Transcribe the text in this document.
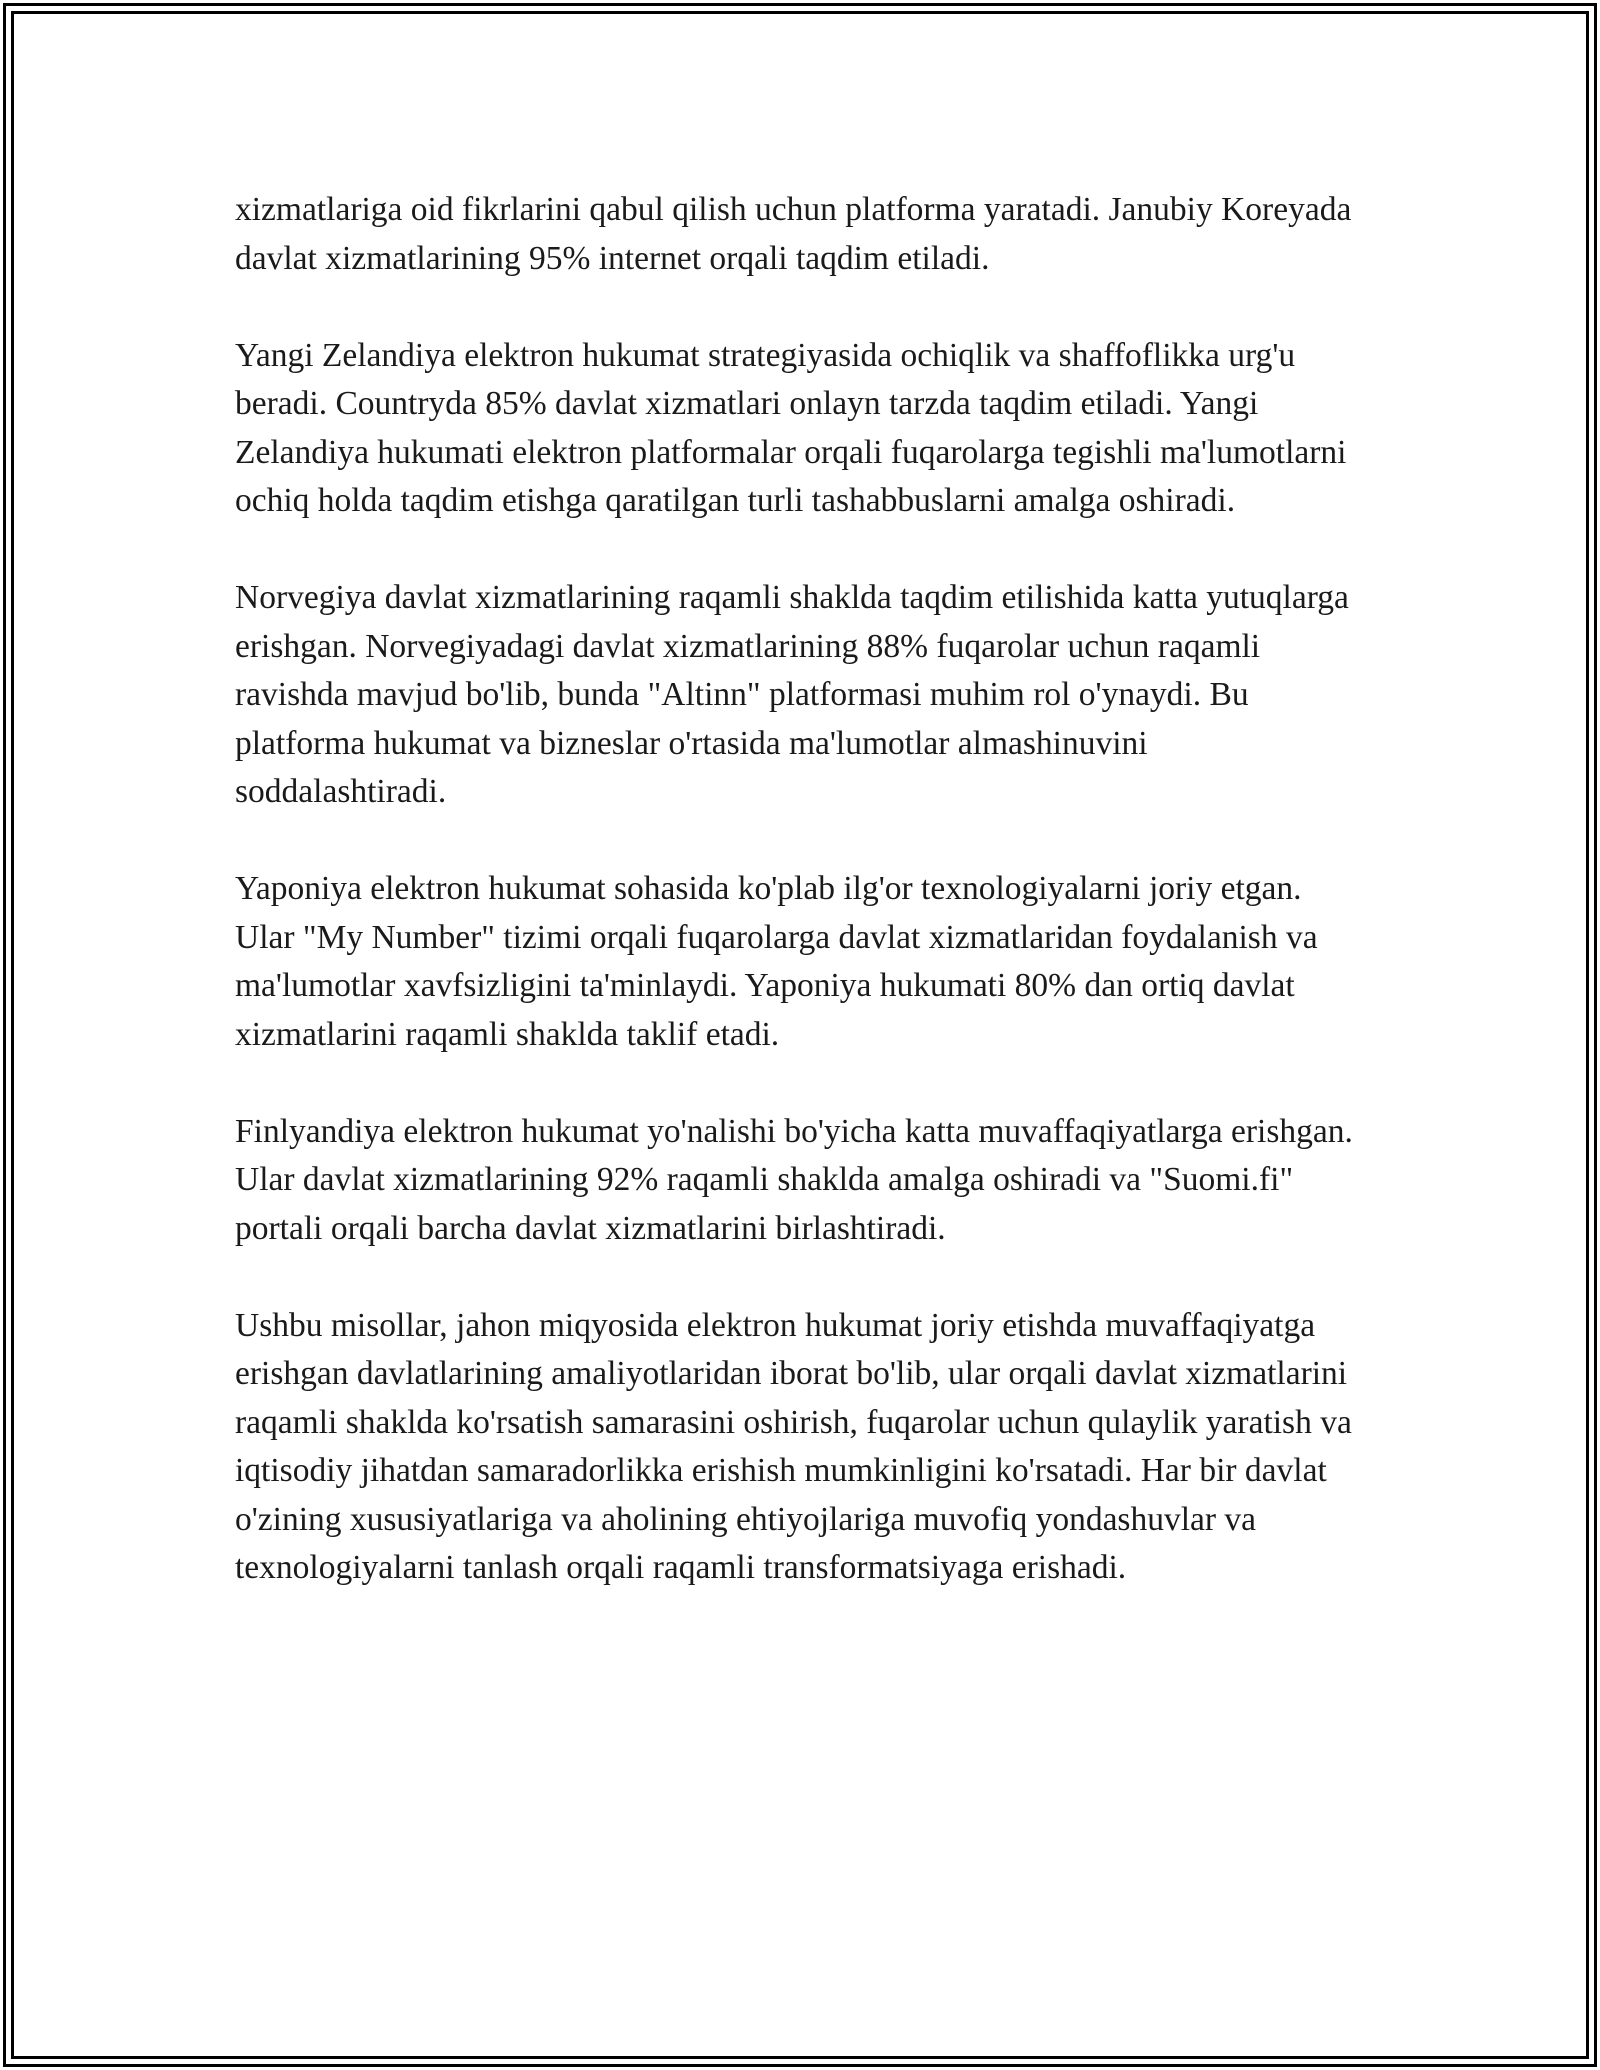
xizmatlariga oid fikrlarini qabul qilish uchun platforma yaratadi. Janubiy Koreyada davlat xizmatlarining 95% internet orqali taqdim etiladi.

Yangi Zelandiya elektron hukumat strategiyasida ochiqlik va shaffoflikka urg'u beradi. Countryda 85% davlat xizmatlari onlayn tarzda taqdim etiladi. Yangi Zelandiya hukumati elektron platformalar orqali fuqarolarga tegishli ma'lumotlarni ochiq holda taqdim etishga qaratilgan turli tashabbuslarni amalga oshiradi.

Norvegiya davlat xizmatlarining raqamli shaklda taqdim etilishida katta yutuqlarga erishgan. Norvegiyadagi davlat xizmatlarining 88% fuqarolar uchun raqamli ravishda mavjud bo'lib, bunda "Altinn" platformasi muhim rol o'ynaydi. Bu platforma hukumat va bizneslar o'rtasida ma'lumotlar almashinuvini soddalashtiradi.

Yaponiya elektron hukumat sohasida ko'plab ilg'or texnologiyalarni joriy etgan. Ular "My Number" tizimi orqali fuqarolarga davlat xizmatlaridan foydalanish va ma'lumotlar xavfsizligini ta'minlaydi. Yaponiya hukumati 80% dan ortiq davlat xizmatlarini raqamli shaklda taklif etadi.

Finlyandiya elektron hukumat yo'nalishi bo'yicha katta muvaffaqiyatlarga erishgan. Ular davlat xizmatlarining 92% raqamli shaklda amalga oshiradi va "Suomi.fi" portali orqali barcha davlat xizmatlarini birlashtiradi.

Ushbu misollar, jahon miqyosida elektron hukumat joriy etishda muvaffaqiyatga erishgan davlatlarining amaliyotlaridan iborat bo'lib, ular orqali davlat xizmatlarini raqamli shaklda ko'rsatish samarasini oshirish, fuqarolar uchun qulaylik yaratish va iqtisodiy jihatdan samaradorlikka erishish mumkinligini ko'rsatadi. Har bir davlat o'zining xususiyatlariga va aholining ehtiyojlariga muvofiq yondashuvlar va texnologiyalarni tanlash orqali raqamli transformatsiyaga erishadi.
